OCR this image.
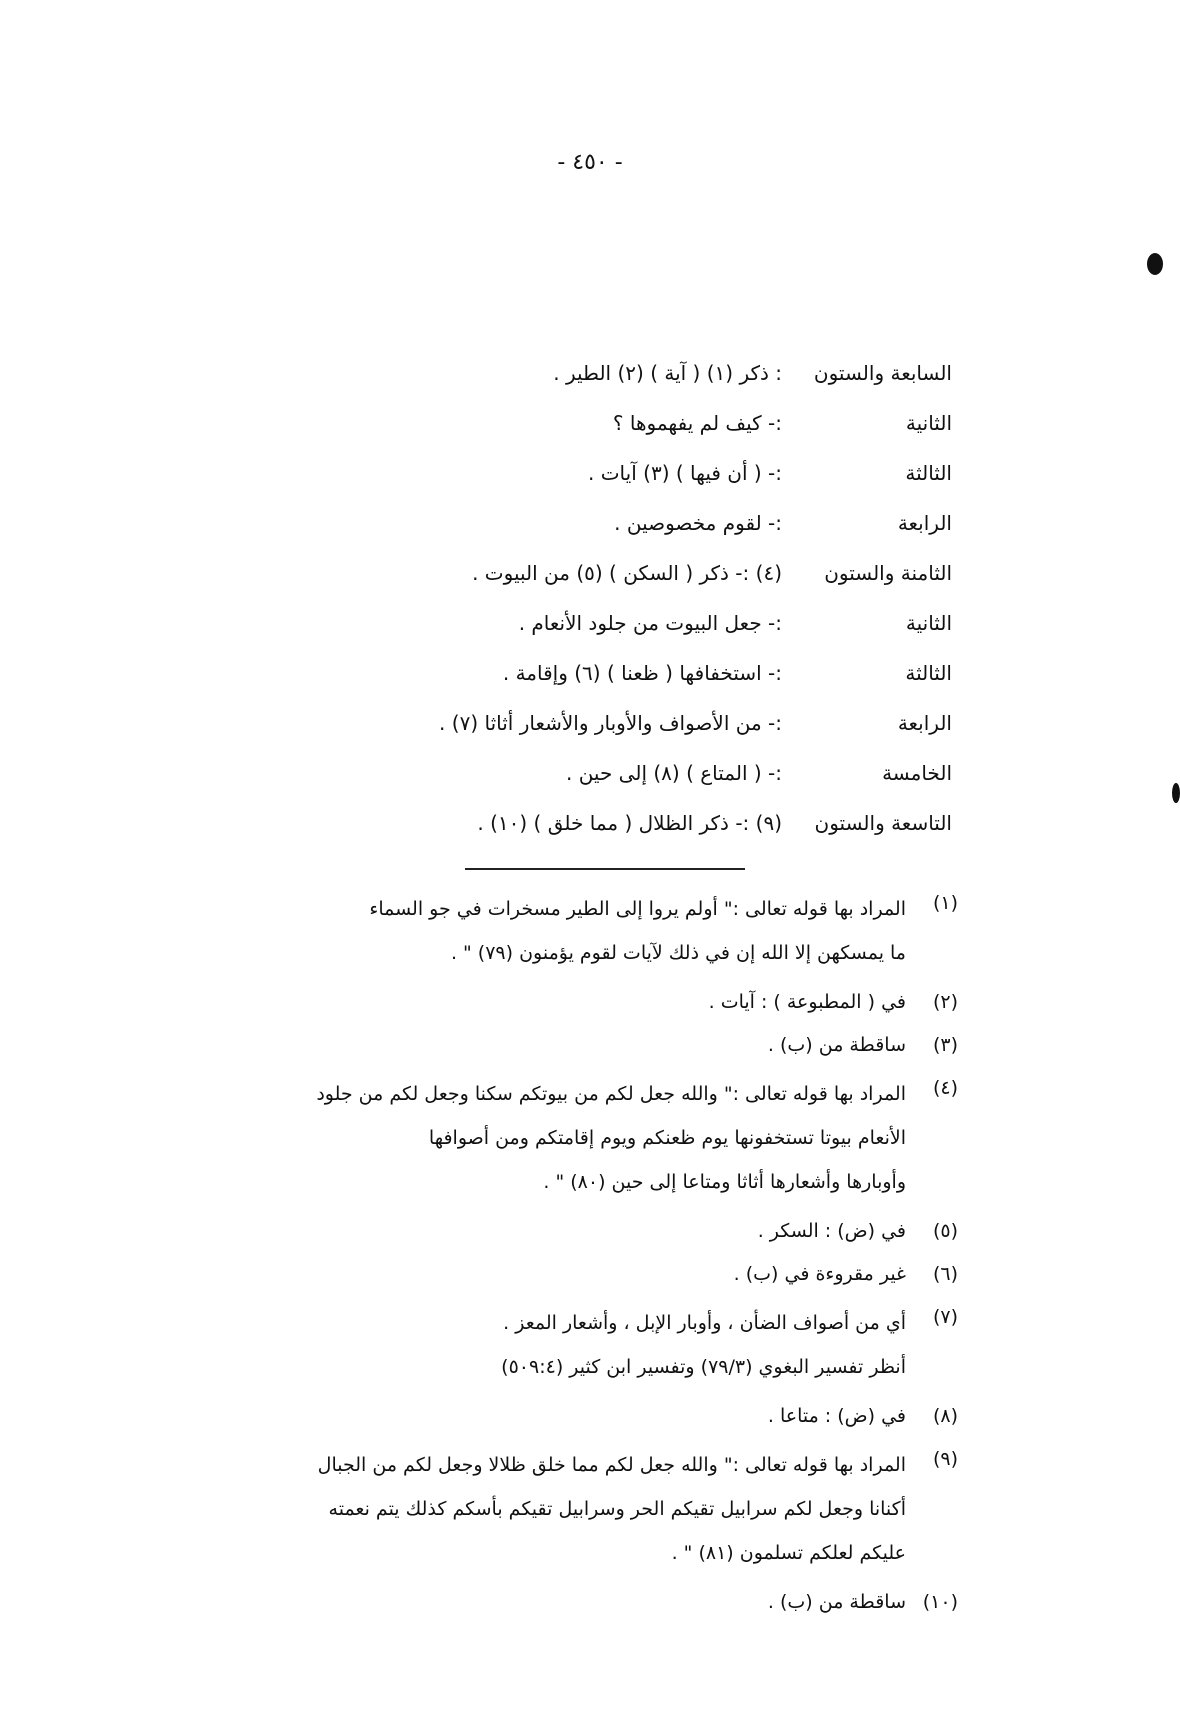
- ٤٥٠ -
السابعة والستون: ذكر (١) ( آية ) (٢) الطير .
الثانية:- كيف لم يفهموها ؟
الثالثة:- ( أن فيها ) (٣) آيات .
الرابعة:- لقوم مخصوصين .
الثامنة والستون(٤) :- ذكر ( السكن ) (٥) من البيوت .
الثانية:- جعل البيوت من جلود الأنعام .
الثالثة:- استخفافها ( ظعنا ) (٦) وإقامة .
الرابعة:- من الأصواف والأوبار والأشعار أثاثا (٧) .
الخامسة:- ( المتاع ) (٨) إلى حين .
التاسعة والستون(٩) :- ذكر الظلال ( مما خلق ) (١٠) .
(١)
المراد بها قوله تعالى :" أولم يروا إلى الطير مسخرات في جو السماء
ما يمسكهن إلا الله إن في ذلك لآيات لقوم يؤمنون (٧٩) " .
(٢)
في ( المطبوعة ) : آيات .
(٣)
ساقطة من (ب) .
(٤)
المراد بها قوله تعالى :" والله جعل لكم من بيوتكم سكنا وجعل لكم من جلود
الأنعام بيوتا تستخفونها يوم ظعنكم ويوم إقامتكم ومن أصوافها
وأوبارها وأشعارها أثاثا ومتاعا إلى حين (٨٠) " .
(٥)
في (ض) : السكر .
(٦)
غير مقروءة في (ب) .
(٧)
أي من أصواف الضأن ، وأوبار الإبل ، وأشعار المعز .
أنظر تفسير البغوي (٧٩/٣) وتفسير ابن كثير (٥٠٩:٤)
(٨)
في (ض) : متاعا .
(٩)
المراد بها قوله تعالى :" والله جعل لكم مما خلق ظلالا وجعل لكم من الجبال
أكنانا وجعل لكم سرابيل تقيكم الحر وسرابيل تقيكم بأسكم كذلك يتم نعمته
عليكم لعلكم تسلمون (٨١) " .
(١٠)
ساقطة من (ب) .
